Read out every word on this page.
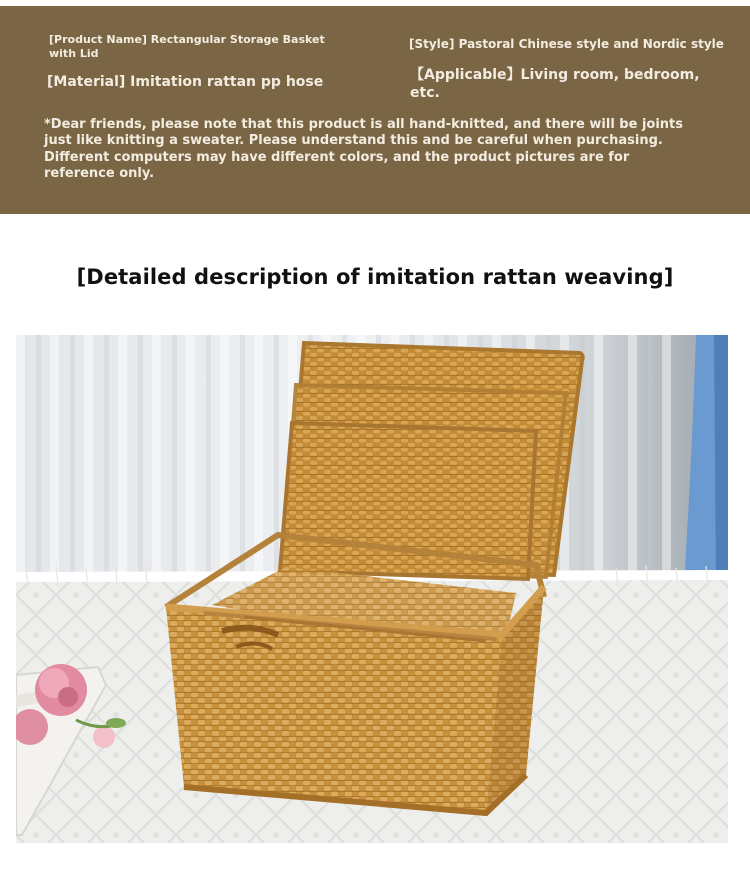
[Product Name] Rectangular Storage Basket with Lid
[Material] Imitation rattan pp hose
[Style] Pastoral Chinese style and Nordic style
【Applicable】Living room, bedroom, etc.
*Dear friends, please note that this product is all hand-knitted, and there will be joints just like knitting a sweater. Please understand this and be careful when purchasing. Different computers may have different colors, and the product pictures are for reference only.
[Detailed description of imitation rattan weaving]
